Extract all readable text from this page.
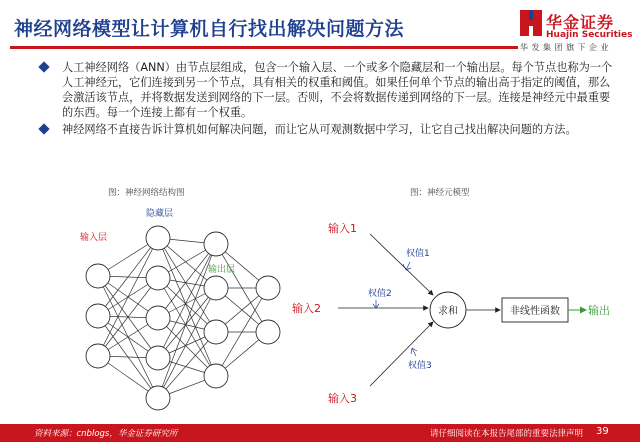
神经网络模型让计算机自行找出解决问题方法	华金证券
Huajin Securities
华发集团旗下企业
人工神经网络（ANN）由节点层组成，包含一个输入层、一个或多个隐藏层和一个输出层。每个节点也称为一个人工神经元，它们连接到另一个节点，具有相关的权重和阈值。如果任何单个节点的输出高于指定的阈值，那么会激活该节点，并将数据发送到网络的下一层。否则，不会将数据传递到网络的下一层。连接是神经元中最重要的东西。每一个连接上都有一个权重。
神经网络不直接告诉计算机如何解决问题，而让它从可观测数据中学习，让它自己找出解决问题的方法。
图：神经网络结构图	图：神经元模型
输入层
隐藏层
输出层
输入1
输入2
输入3
权值1
权值2
权值3
求和	非线性函数	输出
资料来源：cnblogs，华金证券研究所	请仔细阅读在本报告尾部的重要法律声明 39
